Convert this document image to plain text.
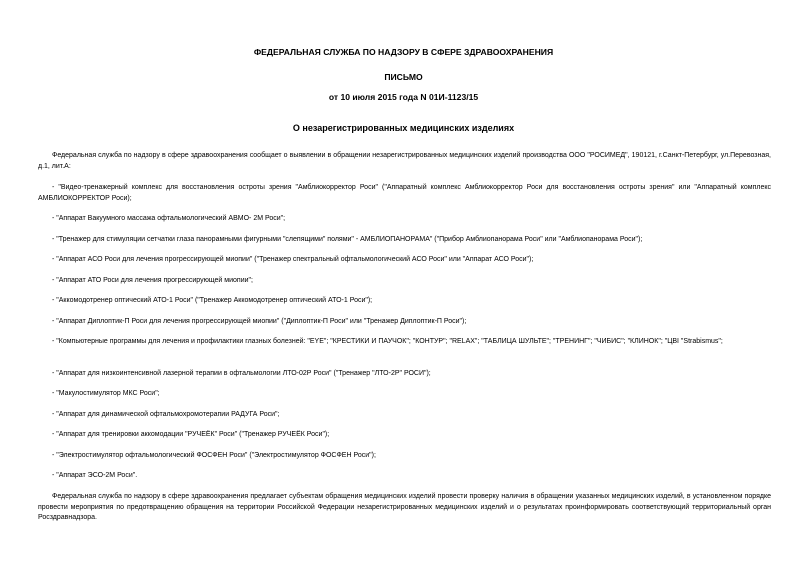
ФЕДЕРАЛЬНАЯ СЛУЖБА ПО НАДЗОРУ В СФЕРЕ ЗДРАВООХРАНЕНИЯ
ПИСЬМО
от 10 июля 2015 года N 01И-1123/15
О незарегистрированных медицинских изделиях
Федеральная служба по надзору в сфере здравоохранения сообщает о выявлении в обращении незарегистрированных медицинских изделий производства ООО "РОСИМЕД", 190121, г.Санкт-Петербург, ул.Перевозная, д.1, лит.А:
- "Видео-тренажерный комплекс для восстановления остроты зрения "Амблиокорректор Роси" ("Аппаратный комплекс Амблиокорректор Роси для восстановления остроты зрения" или "Аппаратный комплекс АМБЛИОКОРРЕКТОР Роси);
- "Аппарат Вакуумного массажа офтальмологический АВМО- 2М Роси";
- "Тренажер для стимуляции сетчатки глаза панорамными фигурными "слепящими" полями" - АМБЛИОПАНОРАМА" ("Прибор Амблиопанорама Роси" или "Амблиопанорама Роси");
- "Аппарат АСО Роси для лечения прогрессирующей миопии" ("Тренажер спектральный офтальмологический АСО Роси" или "Аппарат АСО Роси");
- "Аппарат АТО Роси для лечения прогрессирующей миопии";
- "Аккомодотренер оптический АТО-1 Роси" ("Тренажер Аккомодотренер оптический АТО-1 Роси");
- "Аппарат Диплоптик-П Роси для лечения прогрессирующей миопии" ("Диплоптик-П Роси" или "Тренажер Диплоптик-П Роси");
- "Компьютерные программы для лечения и профилактики глазных болезней: "EYE"; "КРЕСТИКИ И ПАУЧОК"; "КОНТУР"; "RELAX"; "ТАБЛИЦА ШУЛЬТЕ"; "ТРЕНИНГ"; "ЧИБИС"; "КЛИНОК"; "ЦВІ "Strabismus";
- "Аппарат для низкоинтенсивной лазерной терапии в офтальмологии ЛТО-02Р Роси" ("Тренажер "ЛТО-2Р" РОСИ");
- "Макулостимулятор МКС Роси";
- "Аппарат для динамической офтальмохромотерапии РАДУГА Роси";
- "Аппарат для тренировки аккомодации "РУЧЕЁК" Роси" ("Тренажер РУЧЕЁК Роси");
- "Электростимулятор офтальмологический ФОСФЕН Роси" ("Электростимулятор ФОСФЕН Роси");
- "Аппарат ЭСО-2М Роси".
Федеральная служба по надзору в сфере здравоохранения предлагает субъектам обращения медицинских изделий провести проверку наличия в обращении указанных медицинских изделий, в установленном порядке провести мероприятия по предотвращению обращения на территории Российской Федерации незарегистрированных медицинских изделий и о результатах проинформировать соответствующий территориальный орган Росздравнадзора.
